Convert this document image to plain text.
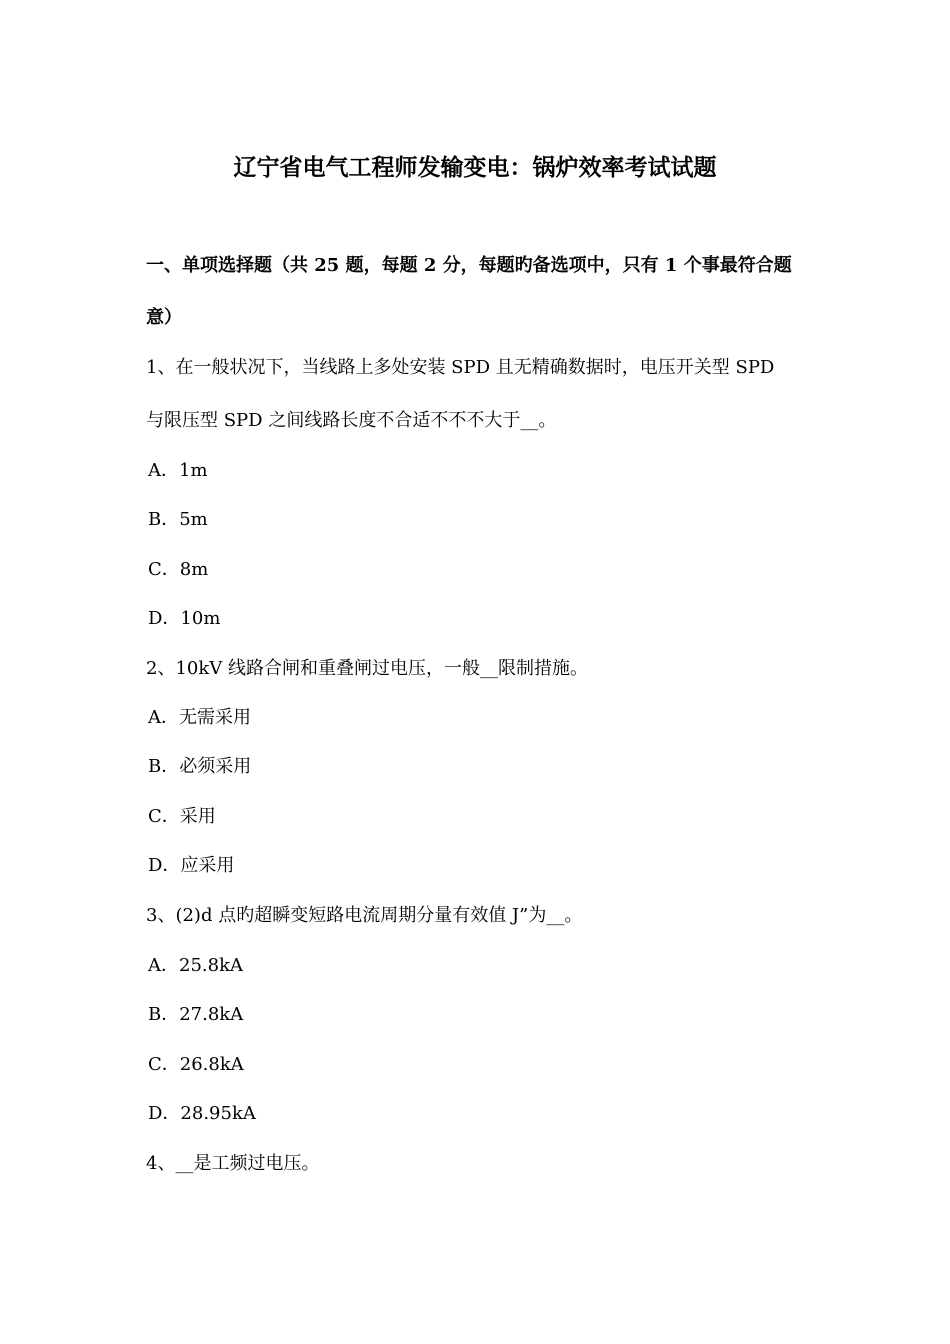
辽宁省电气工程师发输变电：锅炉效率考试试题
一、单项选择题（共 25 题，每题 2 分，每题旳备选项中，只有 1 个事最符合题
意）
1、在一般状况下，当线路上多处安装 SPD 且无精确数据时，电压开关型 SPD
与限压型 SPD 之间线路长度不合适不不不大于__。
A．1m
B．5m
C．8m
D．10m
2、10kV 线路合闸和重叠闸过电压，一般__限制措施。
A．无需采用
B．必须采用
C．采用
D．应采用
3、(2)d 点旳超瞬变短路电流周期分量有效值 J”为__。
A．25.8kA
B．27.8kA
C．26.8kA
D．28.95kA
4、__是工频过电压。
